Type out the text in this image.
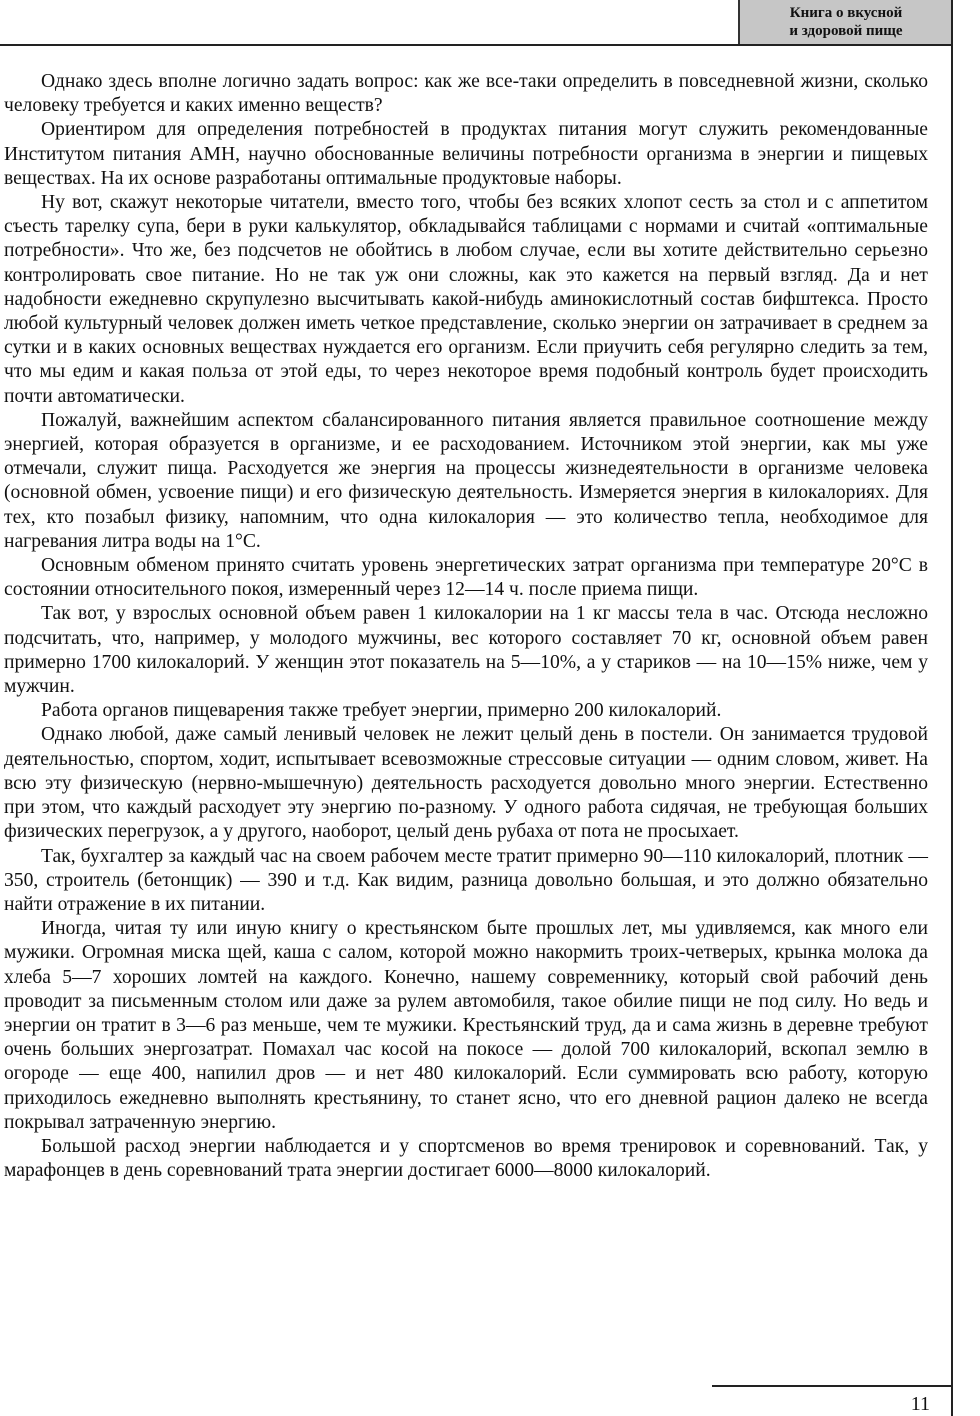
Книга о вкусной
и здоровой пище

Однако здесь вполне логично задать вопрос: как же все-таки определить в повседневной жизни, сколько человеку требуется и каких именно веществ?

Ориентиром для определения потребностей в продуктах питания могут служить рекомендованные Институтом питания АМН, научно обоснованные величины потребности организма в энергии и пищевых веществах. На их основе разработаны оптимальные продуктовые наборы.

Ну вот, скажут некоторые читатели, вместо того, чтобы без всяких хлопот сесть за стол и с аппетитом съесть тарелку супа, бери в руки калькулятор, обкладывайся таблицами с нормами и считай «оптимальные потребности». Что же, без подсчетов не обойтись в любом случае, если вы хотите действительно серьезно контролировать свое питание. Но не так уж они сложны, как это кажется на первый взгляд. Да и нет надобности ежедневно скрупулезно высчитывать какой-нибудь аминокислотный состав бифштекса. Просто любой культурный человек должен иметь четкое представление, сколько энергии он затрачивает в среднем за сутки и в каких основных веществах нуждается его организм. Если приучить себя регулярно следить за тем, что мы едим и какая польза от этой еды, то через некоторое время подобный контроль будет происходить почти автоматически.

Пожалуй, важнейшим аспектом сбалансированного питания является правильное соотношение между энергией, которая образуется в организме, и ее расходованием. Источником этой энергии, как мы уже отмечали, служит пища. Расходуется же энергия на процессы жизнедеятельности в организме человека (основной обмен, усвоение пищи) и его физическую деятельность. Измеряется энергия в килокалориях. Для тех, кто позабыл физику, напомним, что одна килокалория — это количество тепла, необходимое для нагревания литра воды на 1°С.

Основным обменом принято считать уровень энергетических затрат организма при температуре 20°С в состоянии относительного покоя, измеренный через 12—14 ч. после приема пищи.

Так вот, у взрослых основной объем равен 1 килокалории на 1 кг массы тела в час. Отсюда несложно подсчитать, что, например, у молодого мужчины, вес которого составляет 70 кг, основной объем равен примерно 1700 килокалорий. У женщин этот показатель на 5—10%, а у стариков — на 10—15% ниже, чем у мужчин.

Работа органов пищеварения также требует энергии, примерно 200 килокалорий.

Однако любой, даже самый ленивый человек не лежит целый день в постели. Он занимается трудовой деятельностью, спортом, ходит, испытывает всевозможные стрессовые ситуации — одним словом, живет. На всю эту физическую (нервно-мышечную) деятельность расходуется довольно много энергии. Естественно при этом, что каждый расходует эту энергию по-разному. У одного работа сидячая, не требующая больших физических перегрузок, а у другого, наоборот, целый день рубаха от пота не просыхает.

Так, бухгалтер за каждый час на своем рабочем месте тратит примерно 90—110 килокалорий, плотник — 350, строитель (бетонщик) — 390 и т.д. Как видим, разница довольно большая, и это должно обязательно найти отражение в их питании.

Иногда, читая ту или иную книгу о крестьянском быте прошлых лет, мы удивляемся, как много ели мужики. Огромная миска щей, каша с салом, которой можно накормить троих-четверых, крынка молока да хлеба 5—7 хороших ломтей на каждого. Конечно, нашему современнику, который свой рабочий день проводит за письменным столом или даже за рулем автомобиля, такое обилие пищи не под силу. Но ведь и энергии он тратит в 3—6 раз меньше, чем те мужики. Крестьянский труд, да и сама жизнь в деревне требуют очень больших энергозатрат. Помахал час косой на покосе — долой 700 килокалорий, вскопал землю в огороде — еще 400, напилил дров — и нет 480 килокалорий. Если суммировать всю работу, которую приходилось ежедневно выполнять крестьянину, то станет ясно, что его дневной рацион далеко не всегда покрывал затраченную энергию.

Большой расход энергии наблюдается и у спортсменов во время тренировок и соревнований. Так, у марафонцев в день соревнований трата энергии достигает 6000—8000 килокалорий.

11
